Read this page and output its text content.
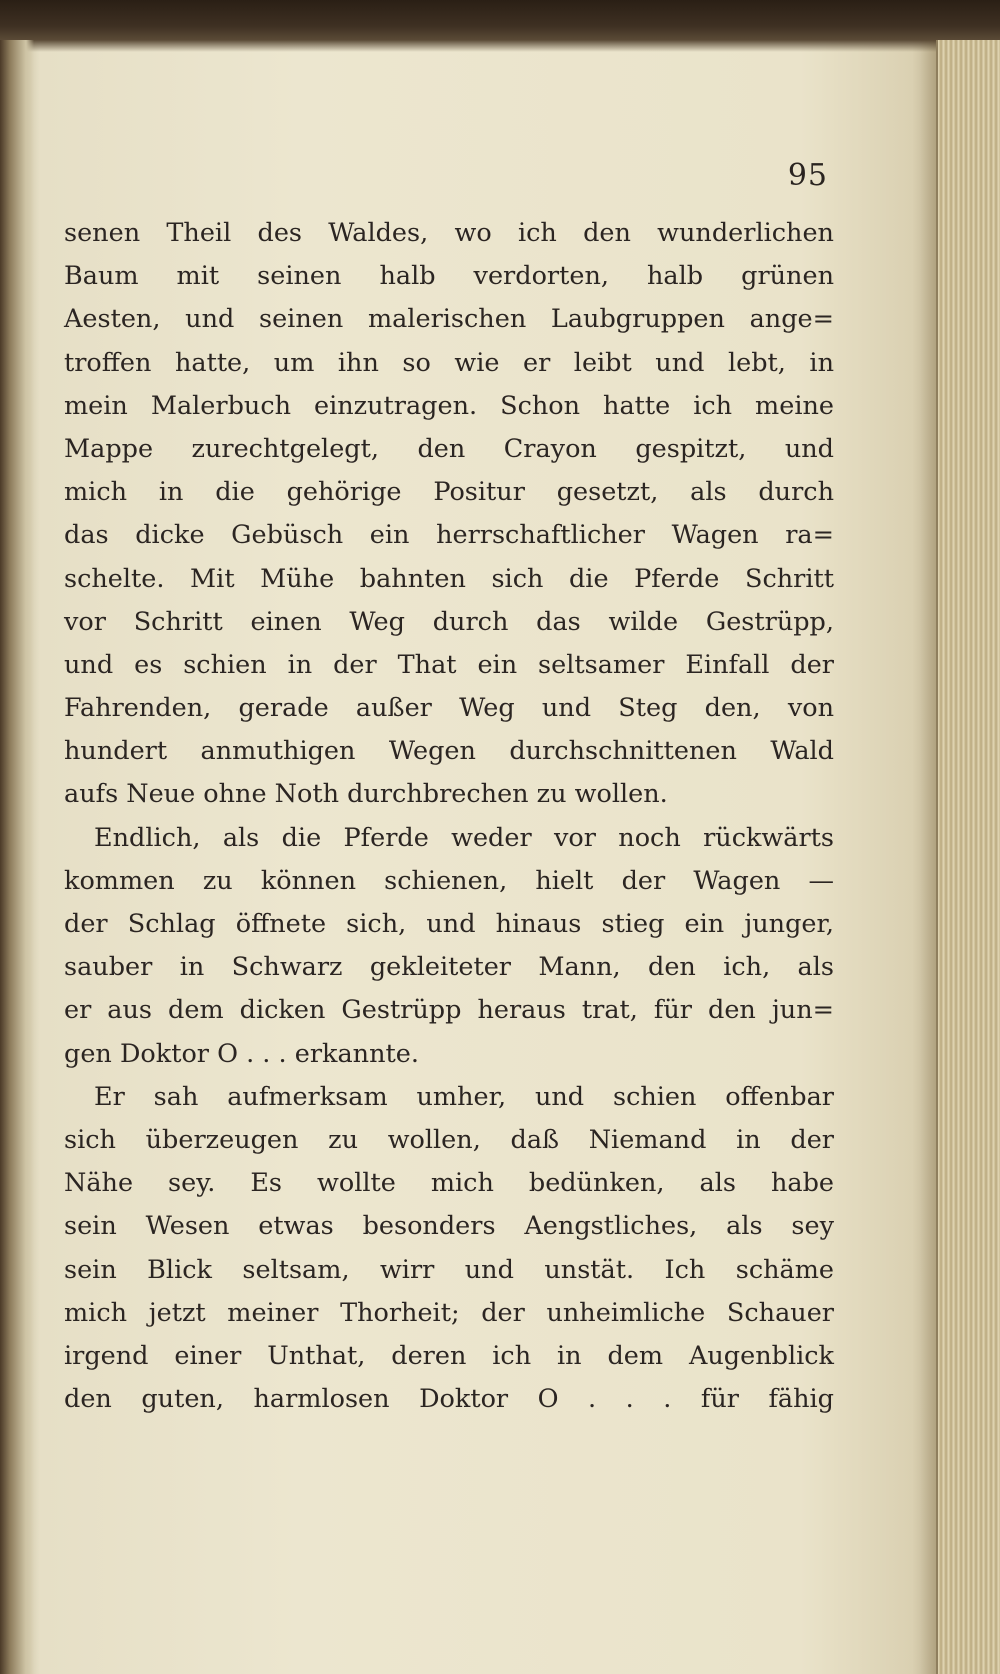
95
senen Theil des Waldes, wo ich den wunderlichen
Baum mit seinen halb verdorten, halb grünen
Aesten, und seinen malerischen Laubgruppen ange=
troffen hatte, um ihn so wie er leibt und lebt, in
mein Malerbuch einzutragen. Schon hatte ich meine
Mappe zurechtgelegt, den Crayon gespitzt, und
mich in die gehörige Positur gesetzt, als durch
das dicke Gebüsch ein herrschaftlicher Wagen ra=
schelte. Mit Mühe bahnten sich die Pferde Schritt
vor Schritt einen Weg durch das wilde Gestrüpp,
und es schien in der That ein seltsamer Einfall der
Fahrenden, gerade außer Weg und Steg den, von
hundert anmuthigen Wegen durchschnittenen Wald
aufs Neue ohne Noth durchbrechen zu wollen.
Endlich, als die Pferde weder vor noch rückwärts
kommen zu können schienen, hielt der Wagen —
der Schlag öffnete sich, und hinaus stieg ein junger,
sauber in Schwarz gekleiteter Mann, den ich, als
er aus dem dicken Gestrüpp heraus trat, für den jun=
gen Doktor O . . . erkannte.
Er sah aufmerksam umher, und schien offenbar
sich überzeugen zu wollen, daß Niemand in der
Nähe sey. Es wollte mich bedünken, als habe
sein Wesen etwas besonders Aengstliches, als sey
sein Blick seltsam, wirr und unstät. Ich schäme
mich jetzt meiner Thorheit; der unheimliche Schauer
irgend einer Unthat, deren ich in dem Augenblick
den guten, harmlosen Doktor O . . . für fähig
